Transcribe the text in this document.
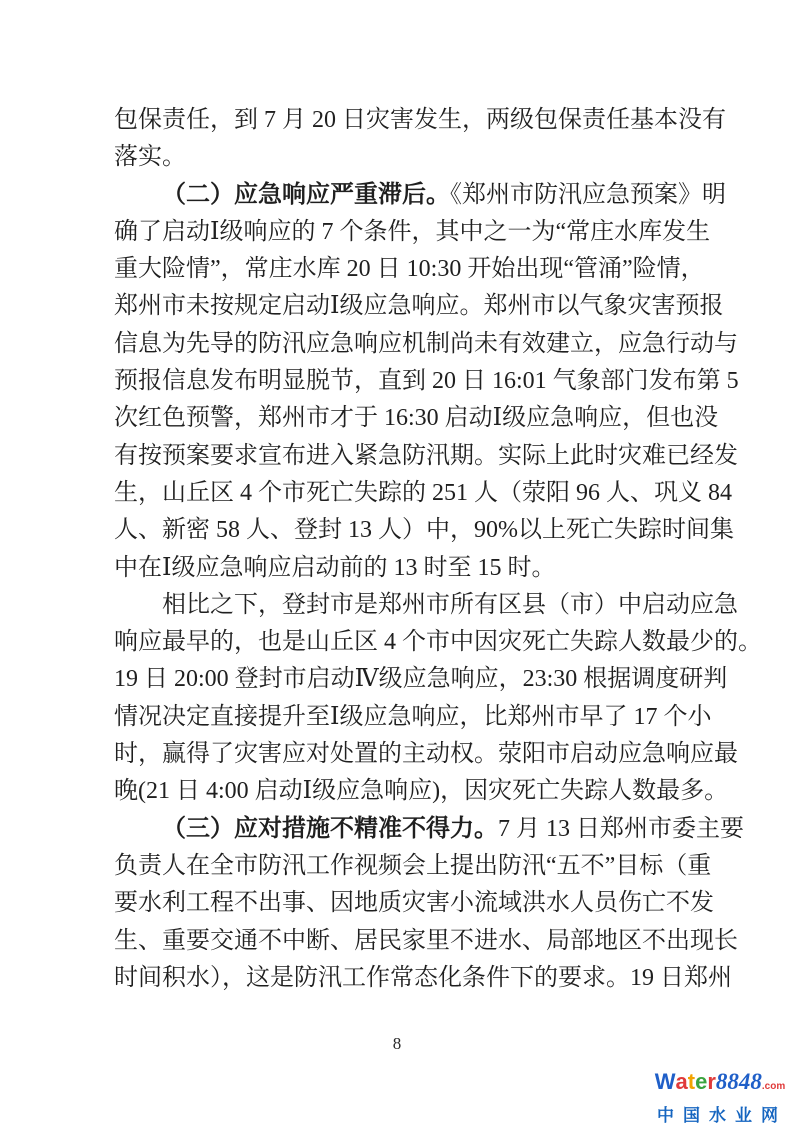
包保责任，到 7 月 20 日灾害发生，两级包保责任基本没有
落实。
（二）应急响应严重滞后。《郑州市防汛应急预案》明
确了启动Ⅰ级响应的 7 个条件，其中之一为“常庄水库发生
重大险情”，常庄水库 20 日 10:30 开始出现“管涌”险情，
郑州市未按规定启动Ⅰ级应急响应。郑州市以气象灾害预报
信息为先导的防汛应急响应机制尚未有效建立，应急行动与
预报信息发布明显脱节，直到 20 日 16:01 气象部门发布第 5
次红色预警，郑州市才于 16:30 启动Ⅰ级应急响应，但也没
有按预案要求宣布进入紧急防汛期。实际上此时灾难已经发
生，山丘区 4 个市死亡失踪的 251 人（荥阳 96 人、巩义 84
人、新密 58 人、登封 13 人）中，90%以上死亡失踪时间集
中在Ⅰ级应急响应启动前的 13 时至 15 时。
相比之下，登封市是郑州市所有区县（市）中启动应急
响应最早的，也是山丘区 4 个市中因灾死亡失踪人数最少的。
19 日 20:00 登封市启动Ⅳ级应急响应，23:30 根据调度研判
情况决定直接提升至Ⅰ级应急响应，比郑州市早了 17 个小
时，赢得了灾害应对处置的主动权。荥阳市启动应急响应最
晚(21 日 4:00 启动Ⅰ级应急响应)，因灾死亡失踪人数最多。
（三）应对措施不精准不得力。7 月 13 日郑州市委主要
负责人在全市防汛工作视频会上提出防汛“五不”目标（重
要水利工程不出事、因地质灾害小流域洪水人员伤亡不发
生、重要交通不中断、居民家里不进水、局部地区不出现长
时间积水），这是防汛工作常态化条件下的要求。19 日郑州
8
Water8848.com
中国水业网
